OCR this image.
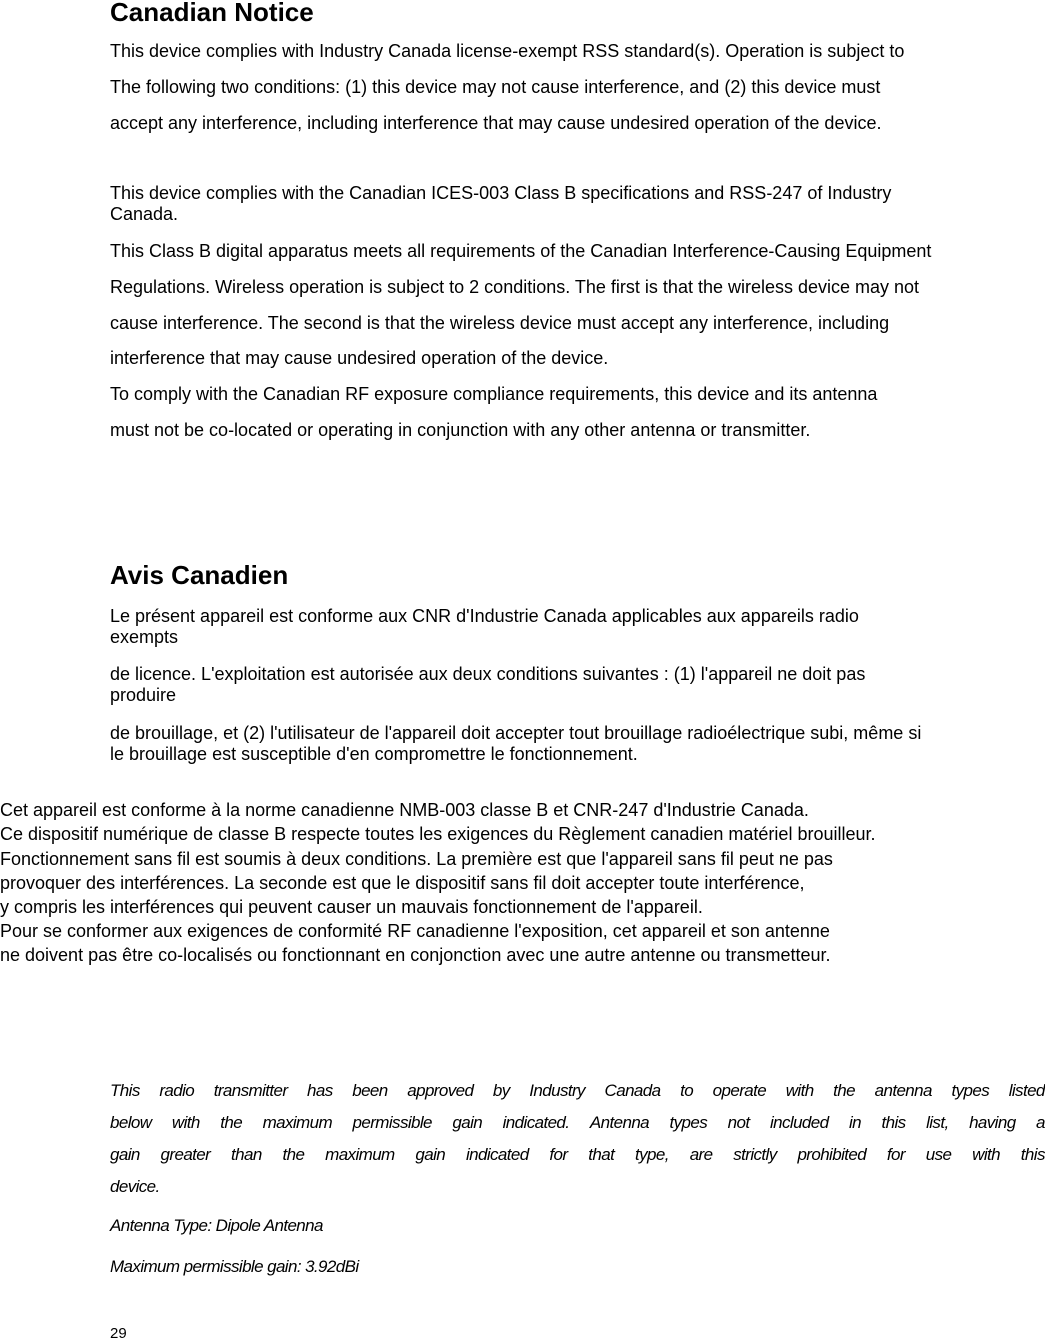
Canadian Notice

This device complies with Industry Canada license-exempt RSS standard(s). Operation is subject to

The following two conditions: (1) this device may not cause interference, and (2) this device must

accept any interference, including interference that may cause undesired operation of the device.

This device complies with the Canadian ICES-003 Class B specifications and RSS-247 of Industry

Canada.

This Class B digital apparatus meets all requirements of the Canadian Interference-Causing Equipment

Regulations. Wireless operation is subject to 2 conditions. The first is that the wireless device may not

cause interference. The second is that the wireless device must accept any interference, including

interference that may cause undesired operation of the device.

To comply with the Canadian RF exposure compliance requirements, this device and its antenna

must not be co-located or operating in conjunction with any other antenna or transmitter.

Avis Canadien

Le présent appareil est conforme aux CNR d'Industrie Canada applicables aux appareils radio

exempts

de licence. L'exploitation est autorisée aux deux conditions suivantes : (1) l'appareil ne doit pas

produire

de brouillage, et (2) l'utilisateur de l'appareil doit accepter tout brouillage radioélectrique subi, même si

le brouillage est susceptible d'en compromettre le fonctionnement.

Cet appareil est conforme à la norme canadienne NMB-003 classe B et CNR-247 d'Industrie Canada.

Ce dispositif numérique de classe B respecte toutes les exigences du Règlement canadien matériel brouilleur.

Fonctionnement sans fil est soumis à deux conditions. La première est que l'appareil sans fil peut ne pas

provoquer des interférences. La seconde est que le dispositif sans fil doit accepter toute interférence,

y compris les interférences qui peuvent causer un mauvais fonctionnement de l'appareil.

Pour se conformer aux exigences de conformité RF canadienne l'exposition, cet appareil et son antenne

ne doivent pas être co-localisés ou fonctionnant en conjonction avec une autre antenne ou transmetteur.

This radio transmitter has been approved by Industry Canada to operate with the antenna types listed
below with the maximum permissible gain indicated. Antenna types not included in this list, having a
gain greater than the maximum gain indicated for that type, are strictly prohibited for use with this

device.

Antenna Type: Dipole Antenna

Maximum permissible gain: 3.92dBi

29
